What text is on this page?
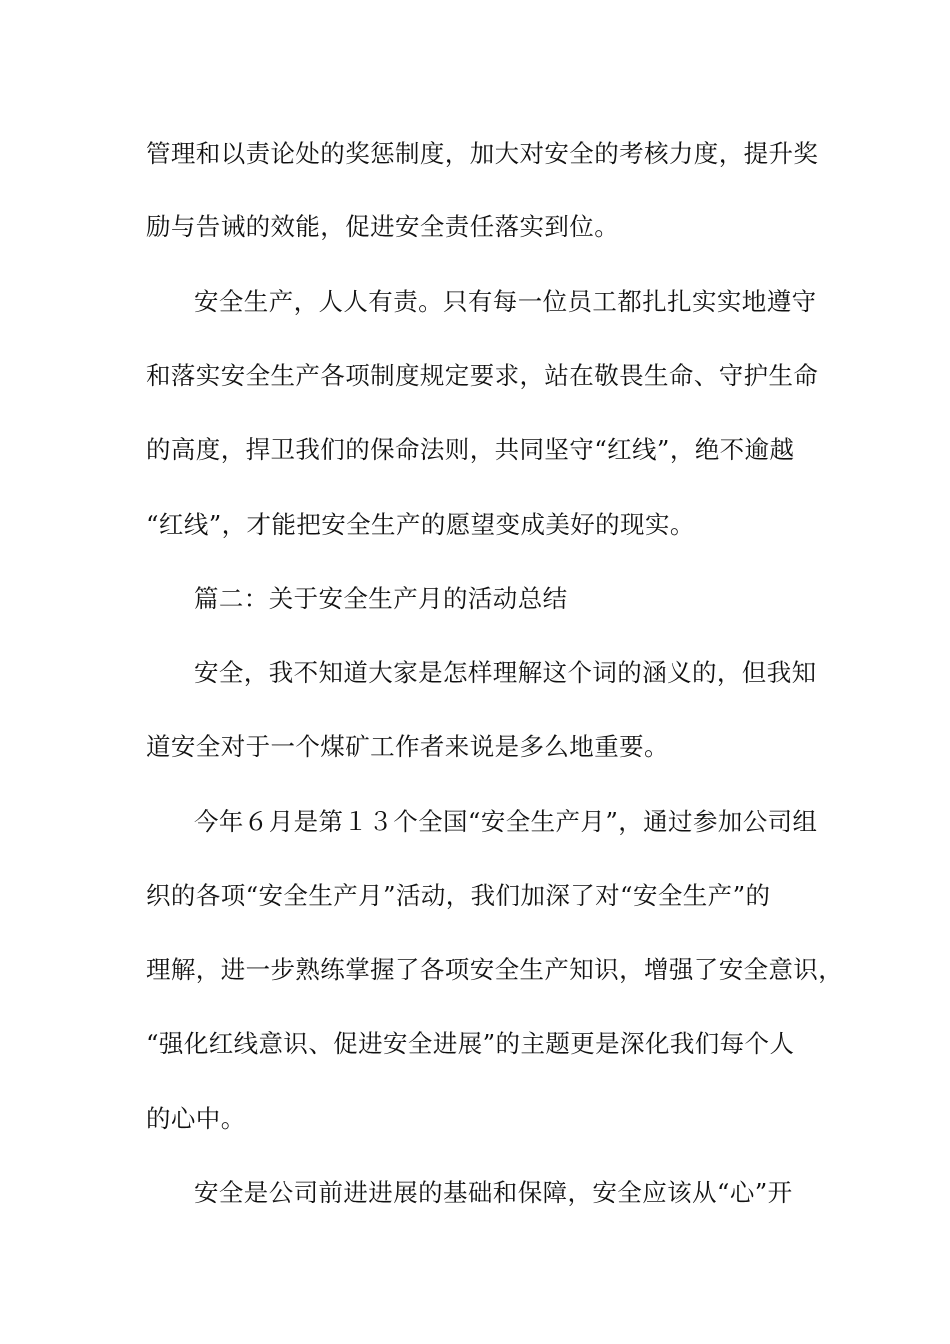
管理和以责论处的奖惩制度，加大对安全的考核力度，提升奖
励与告诫的效能，促进安全责任落实到位。
安全生产，人人有责。只有每一位员工都扎扎实实地遵守
和落实安全生产各项制度规定要求，站在敬畏生命、守护生命
的高度，捍卫我们的保命法则，共同坚守“红线”，绝不逾越
“红线”，才能把安全生产的愿望变成美好的现实。
篇二：关于安全生产月的活动总结
安全，我不知道大家是怎样理解这个词的涵义的，但我知
道安全对于一个煤矿工作者来说是多么地重要。
今年６月是第１３个全国“安全生产月”，通过参加公司组
织的各项“安全生产月”活动，我们加深了对“安全生产”的
理解，进一步熟练掌握了各项安全生产知识，增强了安全意识，
“强化红线意识、促进安全进展”的主题更是深化我们每个人
的心中。
安全是公司前进进展的基础和保障，安全应该从“心”开
